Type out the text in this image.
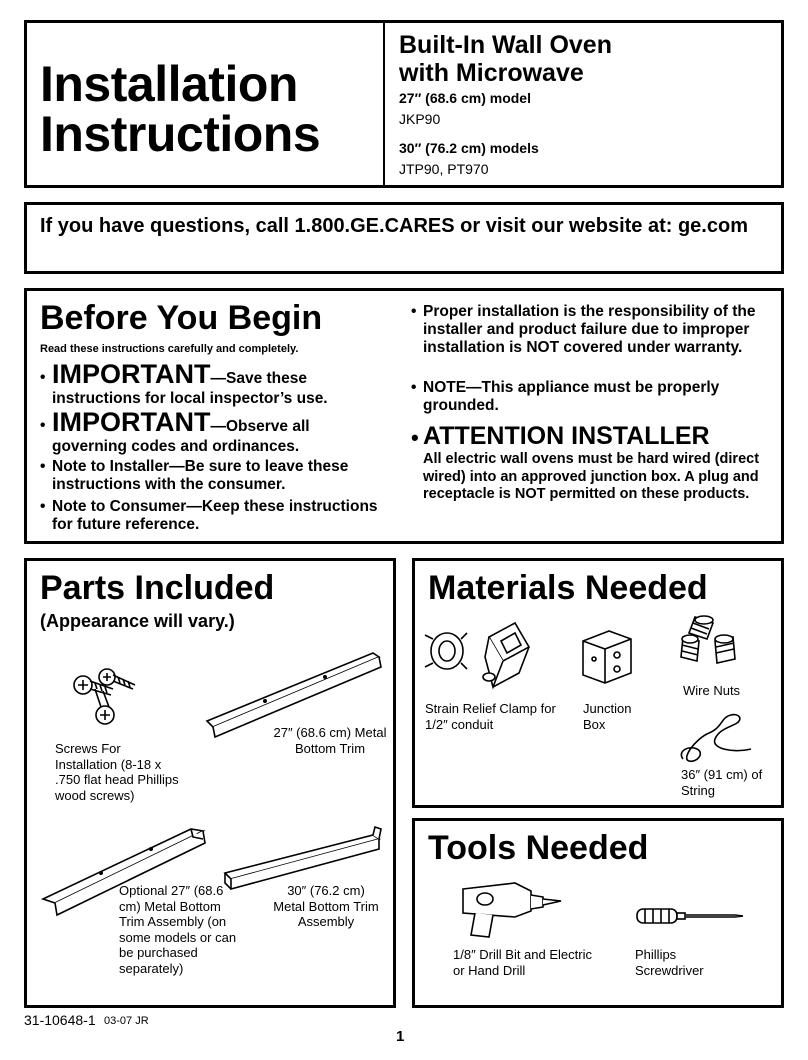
Installation
Instructions
Built-In Wall Oven
with Microwave
27″ (68.6 cm) model
JKP90
30″ (76.2 cm) models
JTP90, PT970
If you have questions, call 1.800.GE.CARES or visit our website at: ge.com
Before You Begin
Read these instructions carefully and completely.
• IMPORTANT—Save these
instructions for local inspector’s use.
• IMPORTANT—Observe all
governing codes and ordinances.
• Note to Installer—Be sure to leave these instructions with the consumer.
• Note to Consumer—Keep these instructions for future reference.
• Proper installation is the responsibility of the installer and product failure due to improper installation is NOT covered under warranty.
• NOTE—This appliance must be properly grounded.
• ATTENTION INSTALLER
All electric wall ovens must be hard wired (direct wired) into an approved junction box. A plug and receptacle is NOT permitted on these products.
Parts Included
(Appearance will vary.)
Screws For Installation (8-18 x .750 flat head Phillips wood screws)
27″ (68.6 cm) Metal Bottom Trim
Optional 27″ (68.6 cm) Metal Bottom Trim Assembly (on some models or can be purchased separately)
30″ (76.2 cm) Metal Bottom Trim Assembly
Materials Needed
Strain Relief Clamp for 1/2″ conduit
Junction Box
Wire Nuts
36″ (91 cm) of String
Tools Needed
1/8″ Drill Bit and Electric or Hand Drill
Phillips Screwdriver
31-10648-1 03-07 JR
1
